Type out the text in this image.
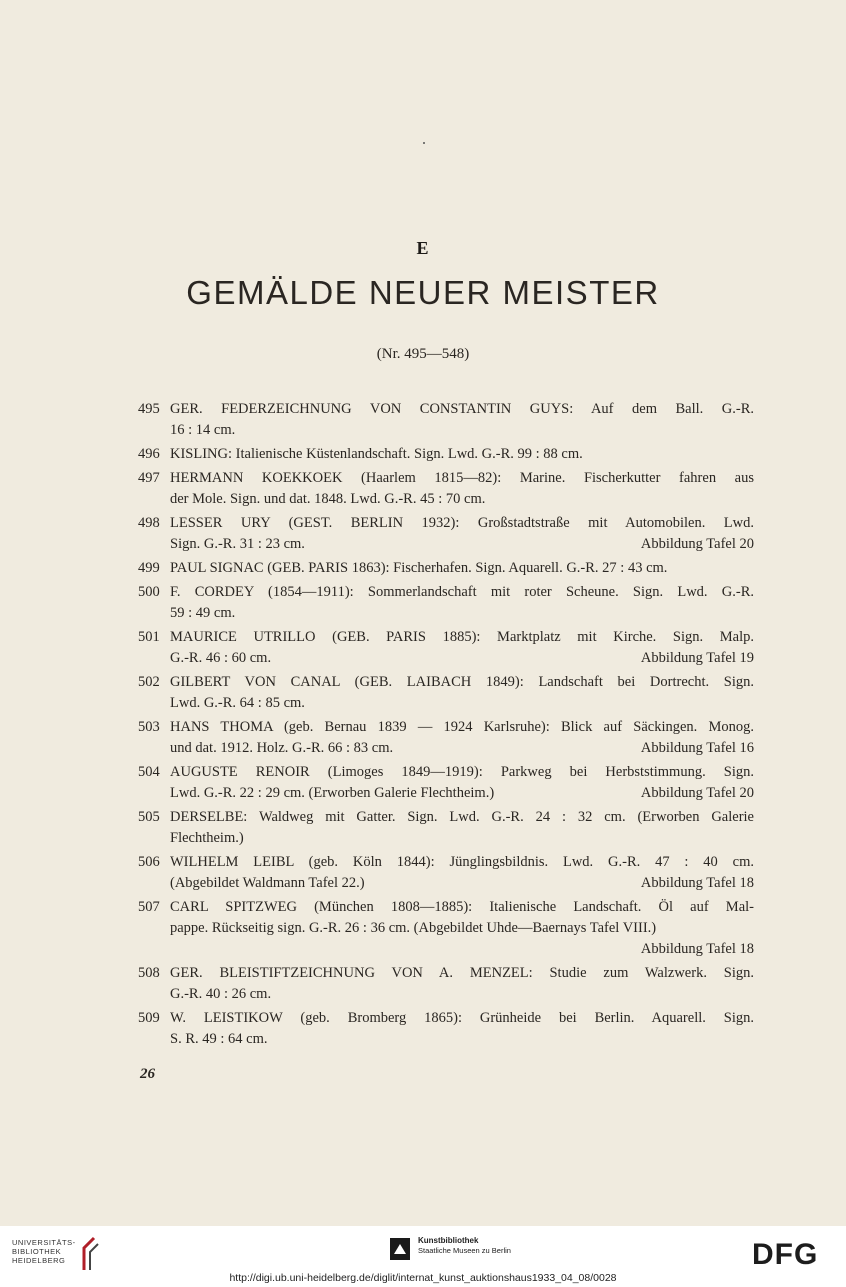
E
GEMÄLDE NEUER MEISTER
(Nr. 495—548)
495 GER. FEDERZEICHNUNG VON CONSTANTIN GUYS: Auf dem Ball. G.-R.
16 : 14 cm.
496 KISLING: Italienische Küstenlandschaft. Sign. Lwd. G.-R. 99 : 88 cm.
497 HERMANN KOEKKOEK (Haarlem 1815—82): Marine. Fischerkutter fahren aus
der Mole. Sign. und dat. 1848. Lwd. G.-R. 45 : 70 cm.
498 LESSER URY (GEST. BERLIN 1932): Großstadtstraße mit Automobilen. Lwd.
Abbildung Tafel 20
Sign. G.-R. 31 : 23 cm.
499 PAUL SIGNAC (GEB. PARIS 1863): Fischerhafen. Sign. Aquarell. G.-R. 27 : 43 cm.
500 F. CORDEY (1854—1911): Sommerlandschaft mit roter Scheune. Sign. Lwd. G.-R.
59 : 49 cm.
501 MAURICE UTRILLO (GEB. PARIS 1885): Marktplatz mit Kirche. Sign. Malp.
Abbildung Tafel 19
G.-R. 46 : 60 cm.
502 GILBERT VON CANAL (GEB. LAIBACH 1849): Landschaft bei Dortrecht. Sign.
Lwd. G.-R. 64 : 85 cm.
503 HANS THOMA (geb. Bernau 1839 — 1924 Karlsruhe): Blick auf Säckingen. Monog.
Abbildung Tafel 16
und dat. 1912. Holz. G.-R. 66 : 83 cm.
504 AUGUSTE RENOIR (Limoges 1849—1919): Parkweg bei Herbststimmung. Sign.
Abbildung Tafel 20
Lwd. G.-R. 22 : 29 cm. (Erworben Galerie Flechtheim.)
505 DERSELBE: Waldweg mit Gatter. Sign. Lwd. G.-R. 24 : 32 cm. (Erworben Galerie
Flechtheim.)
506 WILHELM LEIBL (geb. Köln 1844): Jünglingsbildnis. Lwd. G.-R. 47 : 40 cm.
Abbildung Tafel 18
(Abgebildet Waldmann Tafel 22.)
507 CARL SPITZWEG (München 1808—1885): Italienische Landschaft. Öl auf Mal-
pappe. Rückseitig sign. G.-R. 26 : 36 cm. (Abgebildet Uhde—Baernays Tafel VIII.)
Abbildung Tafel 18
508 GER. BLEISTIFTZEICHNUNG VON A. MENZEL: Studie zum Walzwerk. Sign.
G.-R. 40 : 26 cm.
509 W. LEISTIKOW (geb. Bromberg 1865): Grünheide bei Berlin. Aquarell. Sign.
S. R. 49 : 64 cm.
26
UNIVERSITÄTS-
BIBLIOTHEK
HEIDELBERG
Kunstbibliothek
Staatliche Museen zu Berlin	DFG
http://digi.ub.uni-heidelberg.de/diglit/internat_kunst_auktionshaus1933_04_08/0028
